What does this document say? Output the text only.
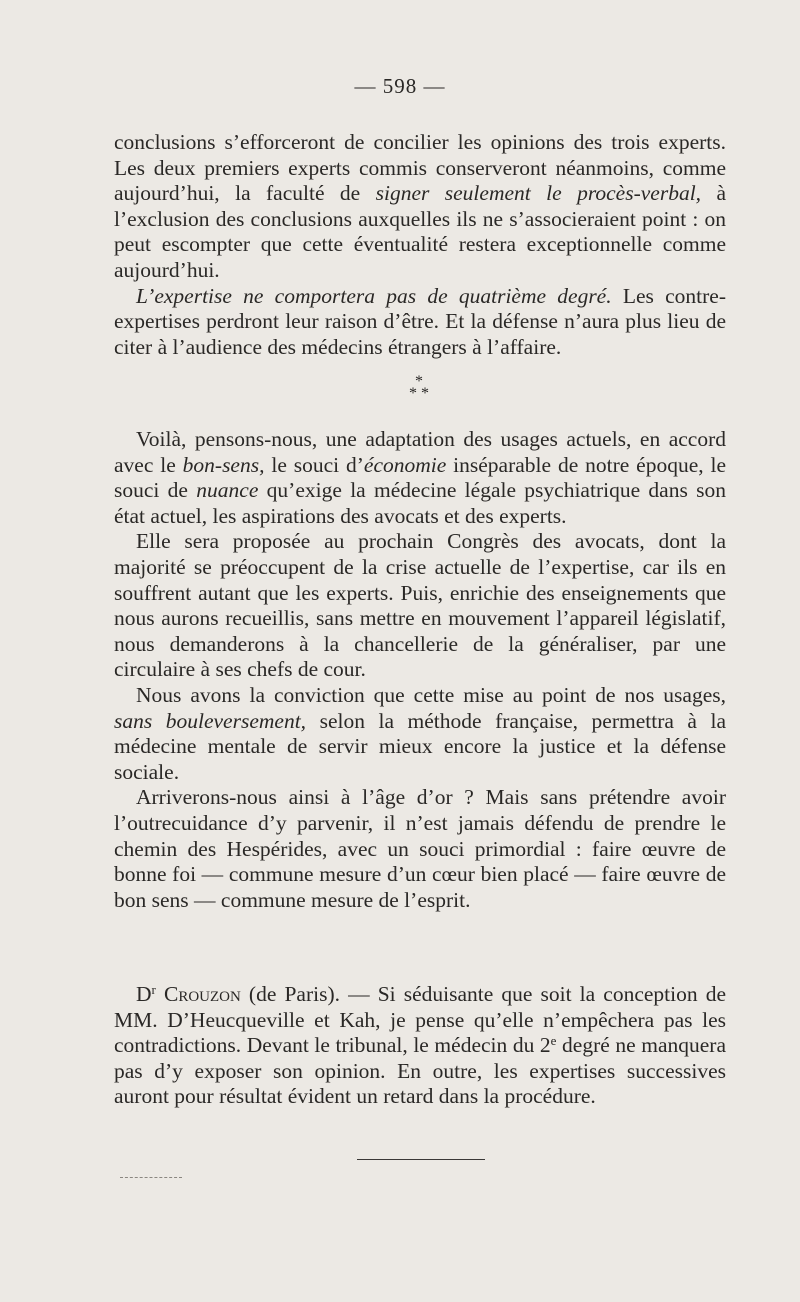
— 598 —

conclusions s’efforceront de concilier les opinions des trois experts. Les deux premiers experts commis conserveront néanmoins, comme aujourd’hui, la faculté de signer seulement le procès-verbal, à l’exclusion des conclusions auxquelles ils ne s’associeraient point : on peut escompter que cette éventualité restera exceptionnelle comme aujourd’hui.

L’expertise ne comportera pas de quatrième degré. Les contre-expertises perdront leur raison d’être. Et la défense n’aura plus lieu de citer à l’audience des médecins étrangers à l’affaire.

*
* *

Voilà, pensons-nous, une adaptation des usages actuels, en accord avec le bon-sens, le souci d’économie inséparable de notre époque, le souci de nuance qu’exige la médecine légale psychiatrique dans son état actuel, les aspirations des avocats et des experts.

Elle sera proposée au prochain Congrès des avocats, dont la majorité se préoccupent de la crise actuelle de l’expertise, car ils en souffrent autant que les experts. Puis, enrichie des enseignements que nous aurons recueillis, sans mettre en mouvement l’appareil législatif, nous demanderons à la chancellerie de la généraliser, par une circulaire à ses chefs de cour.

Nous avons la conviction que cette mise au point de nos usages, sans bouleversement, selon la méthode française, permettra à la médecine mentale de servir mieux encore la justice et la défense sociale.

Arriverons-nous ainsi à l’âge d’or ? Mais sans prétendre avoir l’outrecuidance d’y parvenir, il n’est jamais défendu de prendre le chemin des Hespérides, avec un souci primordial : faire œuvre de bonne foi — commune mesure d’un cœur bien placé — faire œuvre de bon sens — commune mesure de l’esprit.

$D^r$ Crouzon (de Paris). — Si séduisante que soit la conception de MM. D’Heucqueville et Kah, je pense qu’elle n’empêchera pas les contradictions. Devant le tribunal, le médecin du 2e degré ne manquera pas d’y exposer son opinion. En outre, les expertises successives auront pour résultat évident un retard dans la procédure.
